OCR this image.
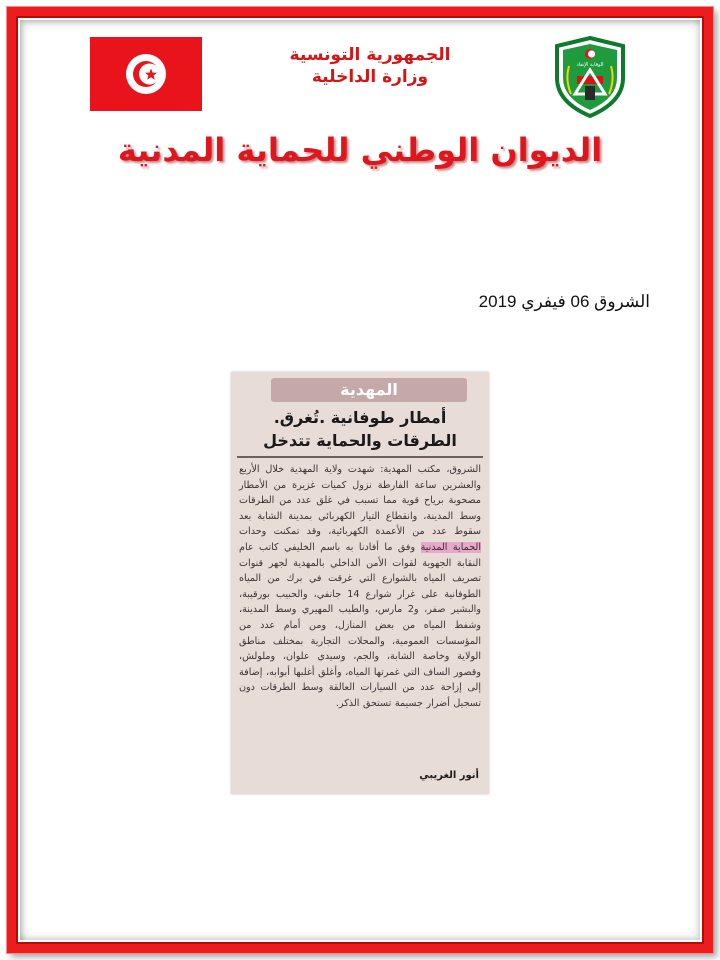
الجمهورية التونسية
وزارة الداخلية
الوقاية الإنقاذ
الديوان الوطني للحماية المدنية
الشروق 06 فيفري 2019
المهدية
أمطار طوفانية .تُغرق.
الطرقات والحماية تتدخل
الشروق، مكتب المهدية: شهدت ولاية المهدية خلال الأربع والعشرين ساعة الفارطة نزول كميات غزيرة من الأمطار مصحوبة برياح قوية مما تسبب في غلق عدد من الطرقات وسط المدينة، وانقطاع التيار الكهربائي بمدينة الشابة بعد سقوط عدد من الأعمدة الكهربائية، وقد تمكنت وحدات الحماية المدنية وفق ما أفادنا به باسم الخليفي كاتب عام النقابة الجهوية لقوات الأمن الداخلي بالمهدية لجهر قنوات تصريف المياه بالشوارع التي غرقت في برك من المياه الطوفانية على غرار شوارع 14 جانفي، والحبيب بورقيبة، والبشير صفر، و2 مارس، والطيب المهيري وسط المدينة، وشفط المياه من بعض المنازل، ومن أمام عدد من المؤسسات العمومية، والمحلات التجارية بمختلف مناطق الولاية وخاصة الشابة، والجم، وسيدي علوان، وملولش، وقصور الساف التي غمرتها المياه، وأغلق أغلبها أبوابه، إضافة إلى إزاحة عدد من السيارات العالقة وسط الطرقات دون تسجيل أضرار جسيمة تستحق الذكر.
أنور الغريبي
